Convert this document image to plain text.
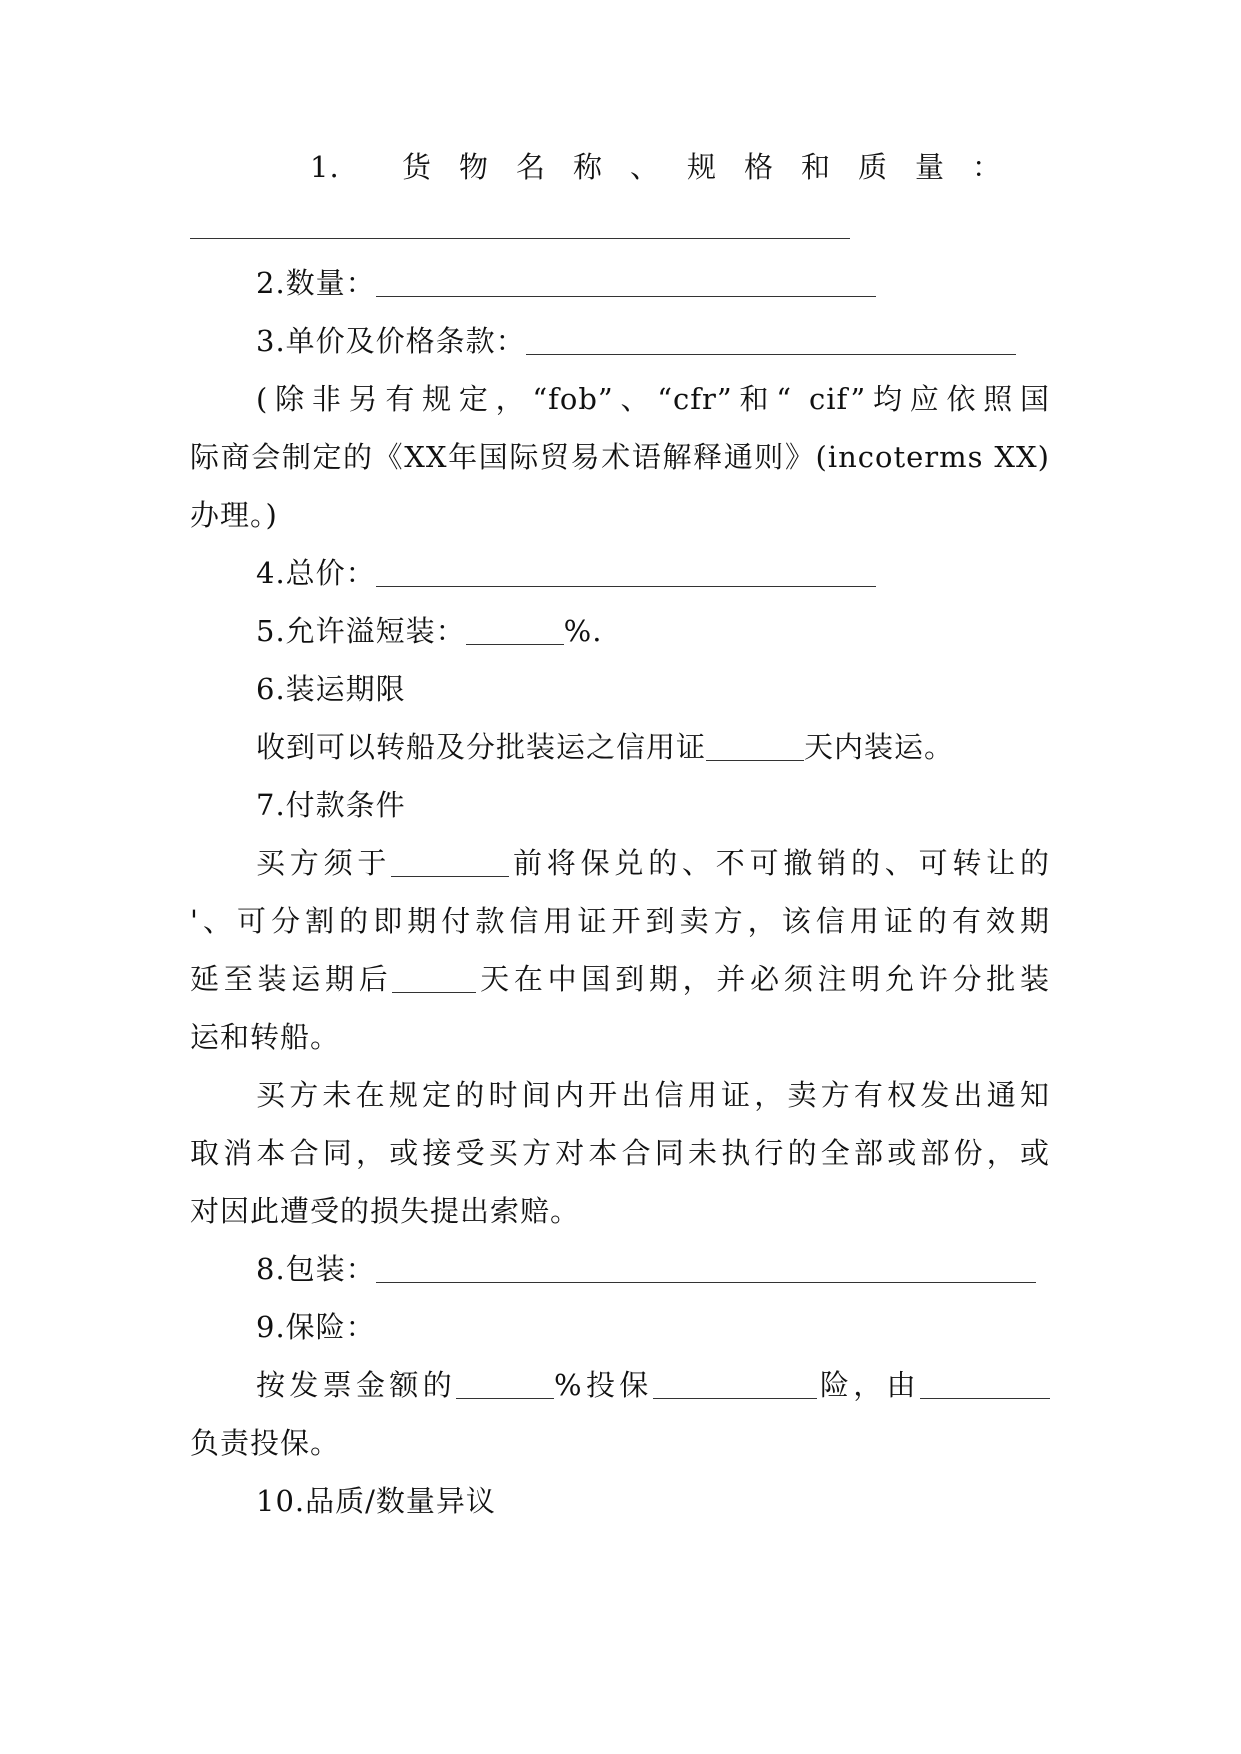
1. 货物名称、规格和质量：
2.数量：
3.单价及价格条款：
(除非另有规定，“fob”、“cfr”和“ cif”均应依照国
际商会制定的《XX年国际贸易术语解释通则》(incoterms XX)
办理。)
4.总价：
5.允许溢短装：	%.
6.装运期限
收到可以转船及分批装运之信用证	天内装运。
7.付款条件
买方须于	前将保兑的、不可撤销的、可转让的
'、可分割的即期付款信用证开到卖方，该信用证的有效期
延至装运期后	天在中国到期，并必须注明允许分批装
运和转船。
买方未在规定的时间内开出信用证，卖方有权发出通知
取消本合同，或接受买方对本合同未执行的全部或部份，或
对因此遭受的损失提出索赔。
8.包装：
9.保险：
按发票金额的	%投保	险，由
负责投保。
10.品质/数量异议
